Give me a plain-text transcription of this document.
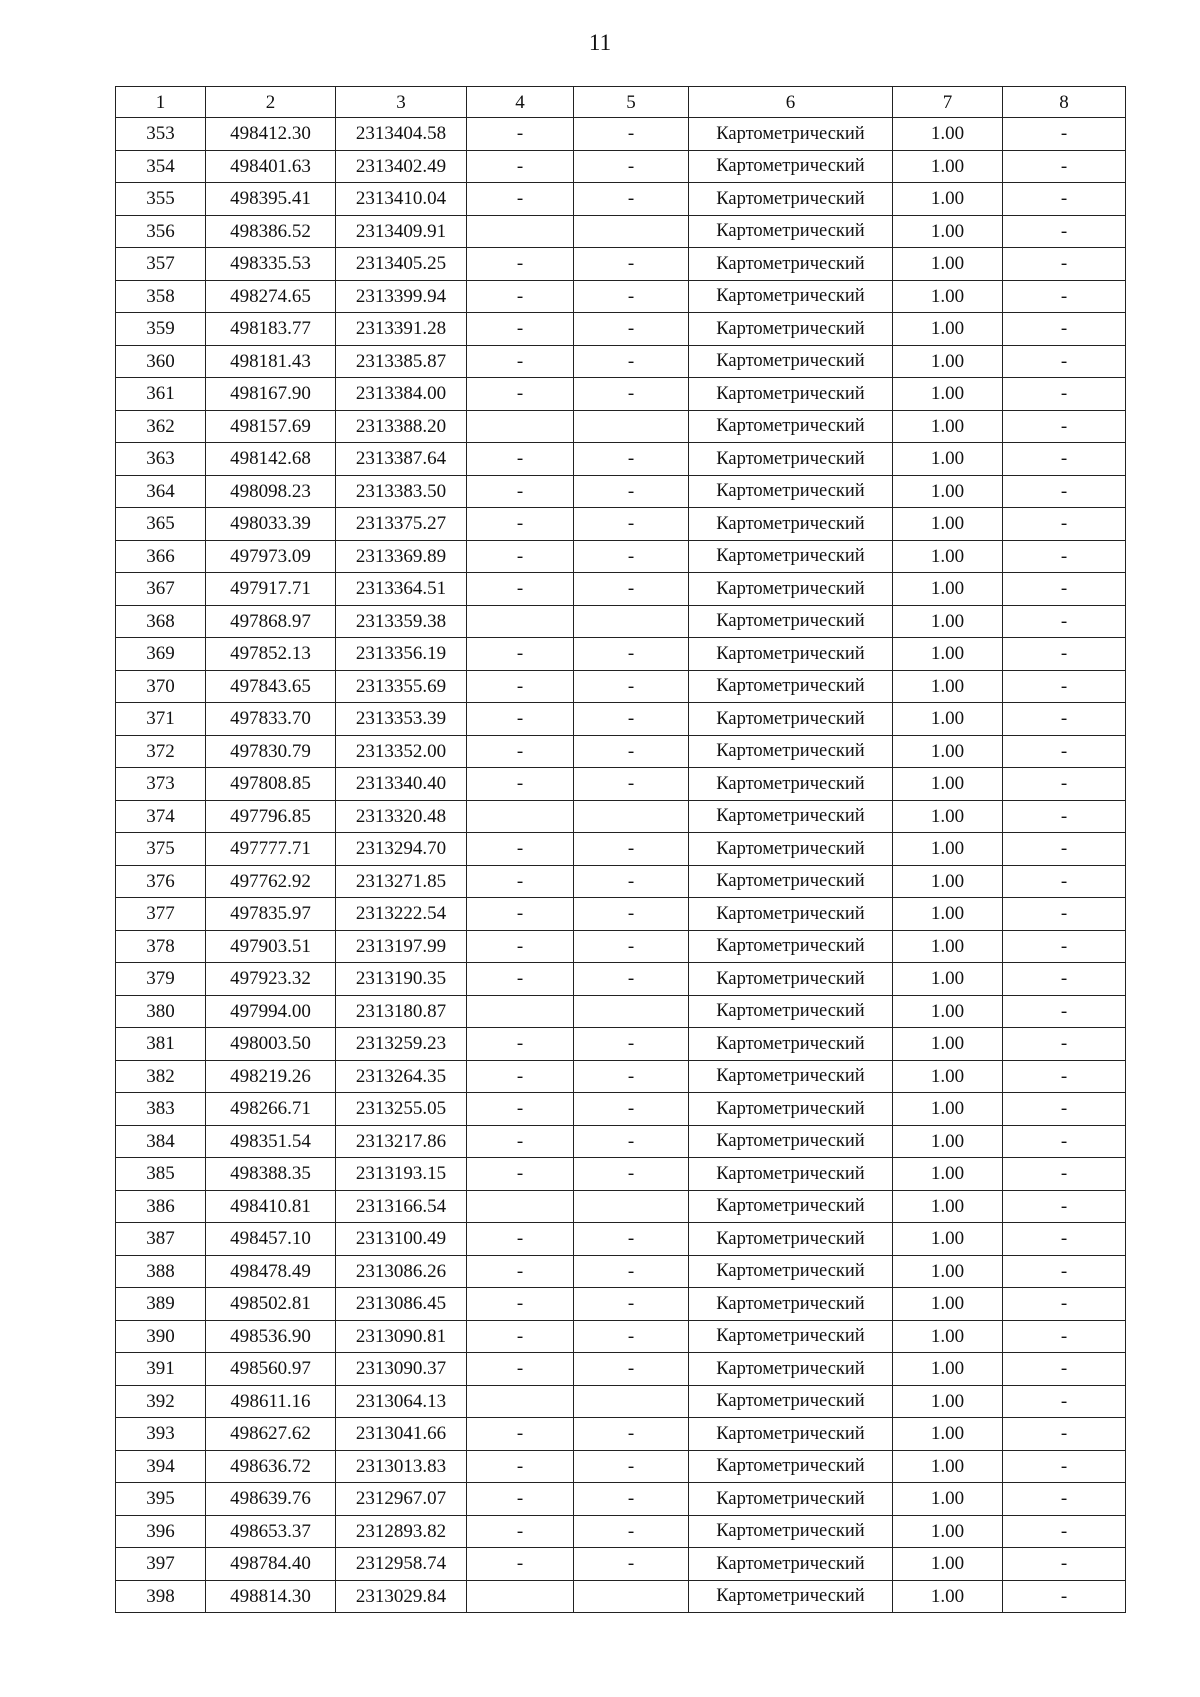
11
1	2	3	4	5	6	7	8
353	498412.30	2313404.58	-	-	Картометрический	1.00	-
354	498401.63	2313402.49	-	-	Картометрический	1.00	-
355	498395.41	2313410.04	-	-	Картометрический	1.00	-
356	498386.52	2313409.91			Картометрический	1.00	-
357	498335.53	2313405.25	-	-	Картометрический	1.00	-
358	498274.65	2313399.94	-	-	Картометрический	1.00	-
359	498183.77	2313391.28	-	-	Картометрический	1.00	-
360	498181.43	2313385.87	-	-	Картометрический	1.00	-
361	498167.90	2313384.00	-	-	Картометрический	1.00	-
362	498157.69	2313388.20			Картометрический	1.00	-
363	498142.68	2313387.64	-	-	Картометрический	1.00	-
364	498098.23	2313383.50	-	-	Картометрический	1.00	-
365	498033.39	2313375.27	-	-	Картометрический	1.00	-
366	497973.09	2313369.89	-	-	Картометрический	1.00	-
367	497917.71	2313364.51	-	-	Картометрический	1.00	-
368	497868.97	2313359.38			Картометрический	1.00	-
369	497852.13	2313356.19	-	-	Картометрический	1.00	-
370	497843.65	2313355.69	-	-	Картометрический	1.00	-
371	497833.70	2313353.39	-	-	Картометрический	1.00	-
372	497830.79	2313352.00	-	-	Картометрический	1.00	-
373	497808.85	2313340.40	-	-	Картометрический	1.00	-
374	497796.85	2313320.48			Картометрический	1.00	-
375	497777.71	2313294.70	-	-	Картометрический	1.00	-
376	497762.92	2313271.85	-	-	Картометрический	1.00	-
377	497835.97	2313222.54	-	-	Картометрический	1.00	-
378	497903.51	2313197.99	-	-	Картометрический	1.00	-
379	497923.32	2313190.35	-	-	Картометрический	1.00	-
380	497994.00	2313180.87			Картометрический	1.00	-
381	498003.50	2313259.23	-	-	Картометрический	1.00	-
382	498219.26	2313264.35	-	-	Картометрический	1.00	-
383	498266.71	2313255.05	-	-	Картометрический	1.00	-
384	498351.54	2313217.86	-	-	Картометрический	1.00	-
385	498388.35	2313193.15	-	-	Картометрический	1.00	-
386	498410.81	2313166.54			Картометрический	1.00	-
387	498457.10	2313100.49	-	-	Картометрический	1.00	-
388	498478.49	2313086.26	-	-	Картометрический	1.00	-
389	498502.81	2313086.45	-	-	Картометрический	1.00	-
390	498536.90	2313090.81	-	-	Картометрический	1.00	-
391	498560.97	2313090.37	-	-	Картометрический	1.00	-
392	498611.16	2313064.13			Картометрический	1.00	-
393	498627.62	2313041.66	-	-	Картометрический	1.00	-
394	498636.72	2313013.83	-	-	Картометрический	1.00	-
395	498639.76	2312967.07	-	-	Картометрический	1.00	-
396	498653.37	2312893.82	-	-	Картометрический	1.00	-
397	498784.40	2312958.74	-	-	Картометрический	1.00	-
398	498814.30	2313029.84			Картометрический	1.00	-
